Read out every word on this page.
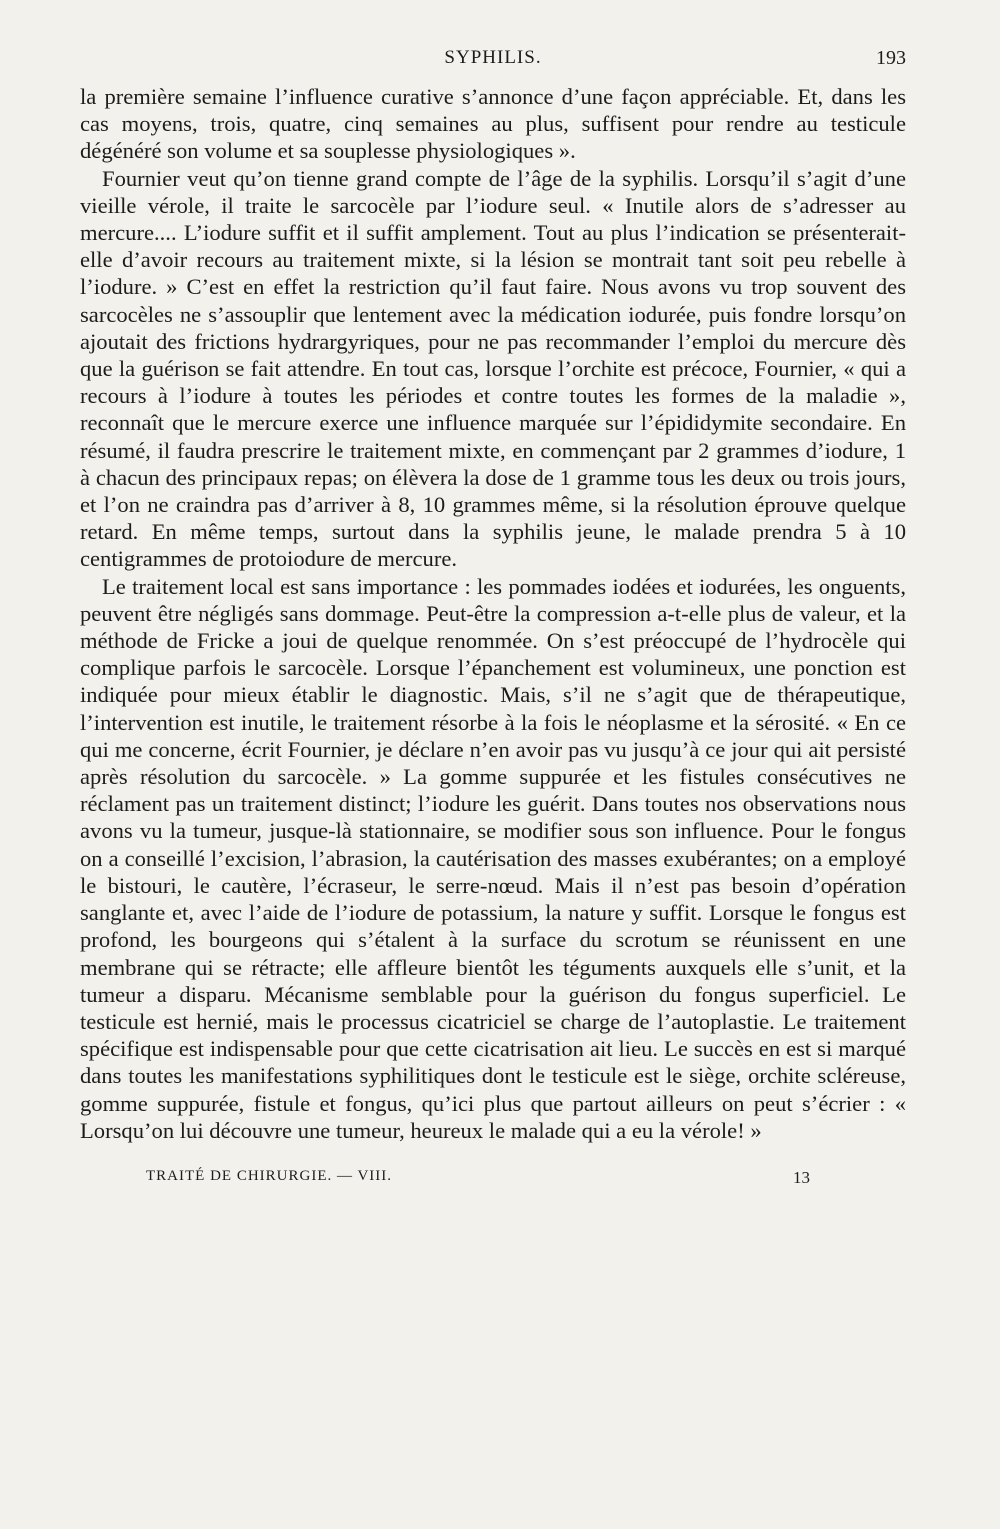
SYPHILIS.	193

la première semaine l’influence curative s’annonce d’une façon appréciable. Et, dans les cas moyens, trois, quatre, cinq semaines au plus, suffisent pour rendre au testicule dégénéré son volume et sa souplesse physiologiques ».

Fournier veut qu’on tienne grand compte de l’âge de la syphilis. Lorsqu’il s’agit d’une vieille vérole, il traite le sarcocèle par l’iodure seul. « Inutile alors de s’adresser au mercure.... L’iodure suffit et il suffit amplement. Tout au plus l’indication se présenterait-elle d’avoir recours au traitement mixte, si la lésion se montrait tant soit peu rebelle à l’iodure. » C’est en effet la restriction qu’il faut faire. Nous avons vu trop souvent des sarcocèles ne s’assouplir que lentement avec la médication iodurée, puis fondre lorsqu’on ajoutait des frictions hydrargyriques, pour ne pas recommander l’emploi du mercure dès que la guérison se fait attendre. En tout cas, lorsque l’orchite est précoce, Fournier, « qui a recours à l’iodure à toutes les périodes et contre toutes les formes de la maladie », reconnaît que le mercure exerce une influence marquée sur l’épididymite secondaire. En résumé, il faudra prescrire le traitement mixte, en commençant par 2 grammes d’iodure, 1 à chacun des principaux repas; on élèvera la dose de 1 gramme tous les deux ou trois jours, et l’on ne craindra pas d’arriver à 8, 10 grammes même, si la résolution éprouve quelque retard. En même temps, surtout dans la syphilis jeune, le malade prendra 5 à 10 centigrammes de protoiodure de mercure.

Le traitement local est sans importance : les pommades iodées et iodurées, les onguents, peuvent être négligés sans dommage. Peut-être la compression a-t-elle plus de valeur, et la méthode de Fricke a joui de quelque renommée. On s’est préoccupé de l’hydrocèle qui complique parfois le sarcocèle. Lorsque l’épanchement est volumineux, une ponction est indiquée pour mieux établir le diagnostic. Mais, s’il ne s’agit que de thérapeutique, l’intervention est inutile, le traitement résorbe à la fois le néoplasme et la sérosité. « En ce qui me concerne, écrit Fournier, je déclare n’en avoir pas vu jusqu’à ce jour qui ait persisté après résolution du sarcocèle. » La gomme suppurée et les fistules consécutives ne réclament pas un traitement distinct; l’iodure les guérit. Dans toutes nos observations nous avons vu la tumeur, jusque-là stationnaire, se modifier sous son influence. Pour le fongus on a conseillé l’excision, l’abrasion, la cautérisation des masses exubérantes; on a employé le bistouri, le cautère, l’écraseur, le serre-nœud. Mais il n’est pas besoin d’opération sanglante et, avec l’aide de l’iodure de potassium, la nature y suffit. Lorsque le fongus est profond, les bourgeons qui s’étalent à la surface du scrotum se réunissent en une membrane qui se rétracte; elle affleure bientôt les téguments auxquels elle s’unit, et la tumeur a disparu. Mécanisme semblable pour la guérison du fongus superficiel. Le testicule est hernié, mais le processus cicatriciel se charge de l’autoplastie. Le traitement spécifique est indispensable pour que cette cicatrisation ait lieu. Le succès en est si marqué dans toutes les manifestations syphilitiques dont le testicule est le siège, orchite scléreuse, gomme suppurée, fistule et fongus, qu’ici plus que partout ailleurs on peut s’écrier : « Lorsqu’on lui découvre une tumeur, heureux le malade qui a eu la vérole! »

TRAITÉ DE CHIRURGIE. — VIII.	13
